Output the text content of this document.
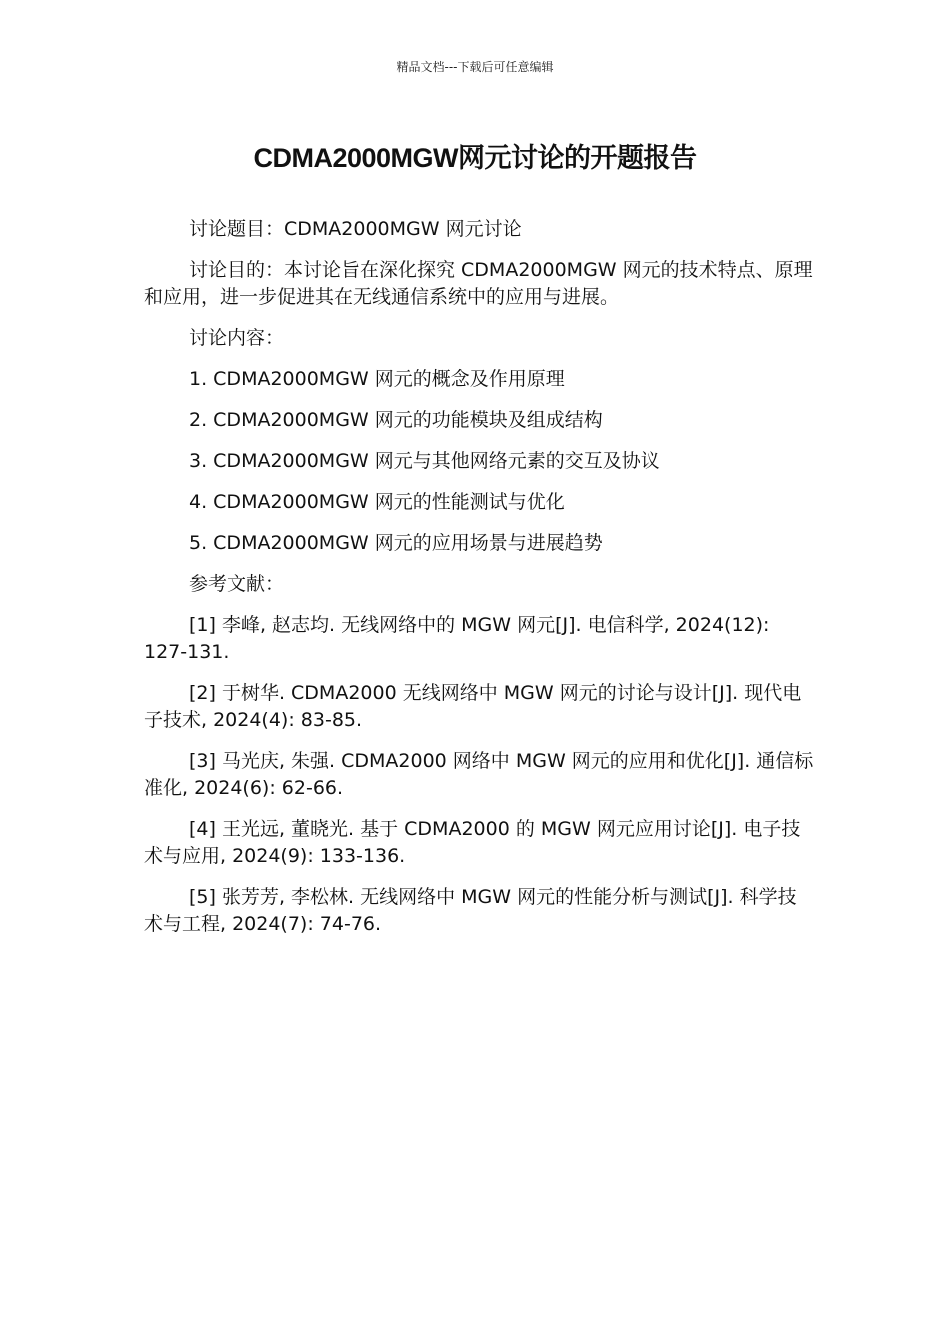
精品文档---下载后可任意编辑
CDMA2000MGW网元讨论的开题报告

讨论题目：CDMA2000MGW 网元讨论

讨论目的：本讨论旨在深化探究 CDMA2000MGW 网元的技术特点、原理和应用，进一步促进其在无线通信系统中的应用与进展。

讨论内容：

1. CDMA2000MGW 网元的概念及作用原理

2. CDMA2000MGW 网元的功能模块及组成结构

3. CDMA2000MGW 网元与其他网络元素的交互及协议

4. CDMA2000MGW 网元的性能测试与优化

5. CDMA2000MGW 网元的应用场景与进展趋势

参考文献：

[1] 李峰, 赵志均. 无线网络中的 MGW 网元[J]. 电信科学, 2024(12): 127-131.

[2] 于树华. CDMA2000 无线网络中 MGW 网元的讨论与设计[J]. 现代电子技术, 2024(4): 83-85.

[3] 马光庆, 朱强. CDMA2000 网络中 MGW 网元的应用和优化[J]. 通信标准化, 2024(6): 62-66.

[4] 王光远, 董晓光. 基于 CDMA2000 的 MGW 网元应用讨论[J]. 电子技术与应用, 2024(9): 133-136.

[5] 张芳芳, 李松林. 无线网络中 MGW 网元的性能分析与测试[J]. 科学技术与工程, 2024(7): 74-76.
